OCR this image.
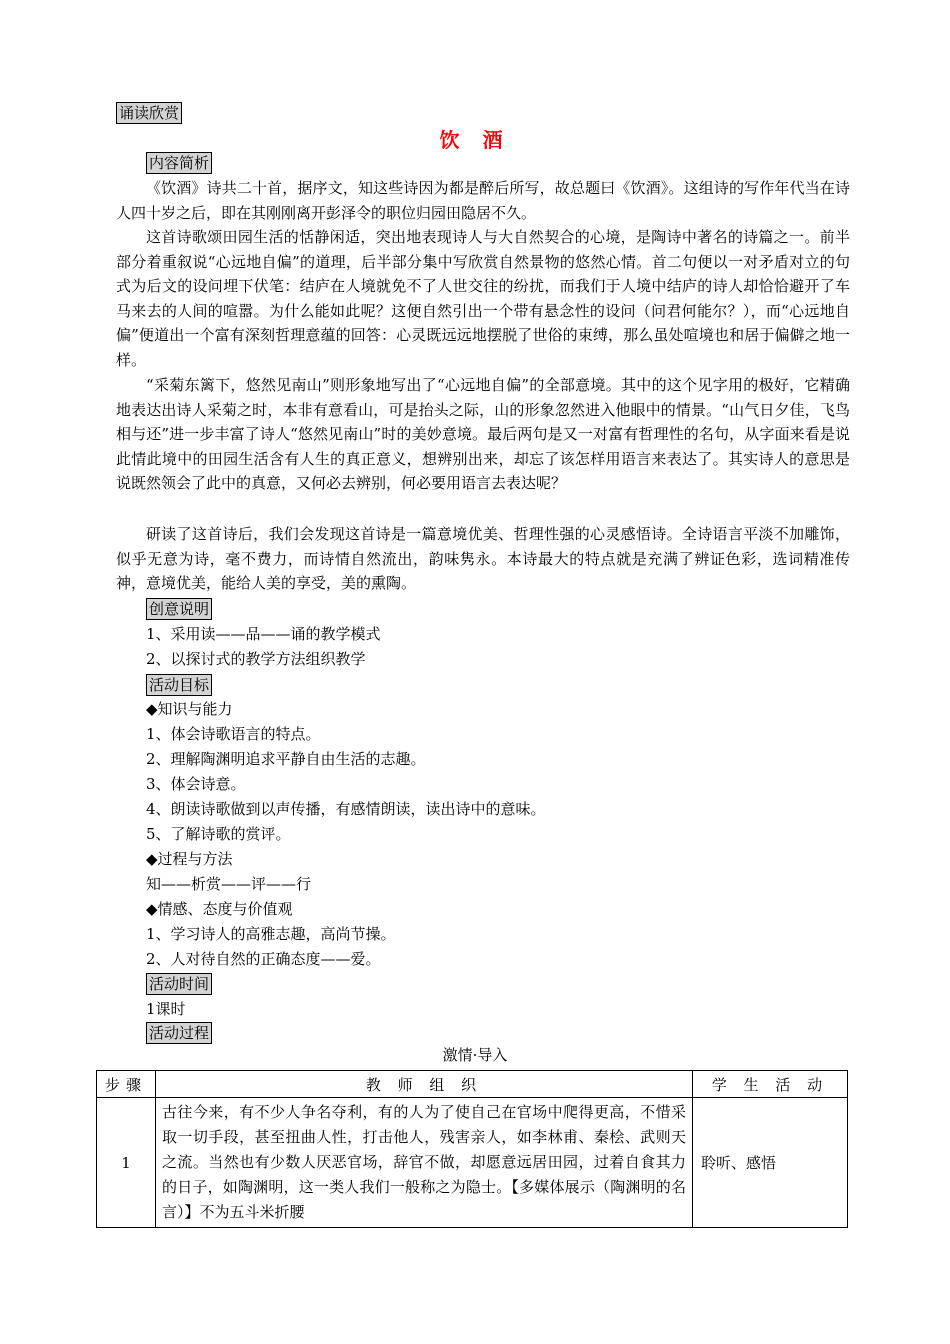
诵读欣赏
饮 酒
内容简析
《饮酒》诗共二十首，据序文，知这些诗因为都是醉后所写，故总题曰《饮酒》。这组诗的写作年代当在诗人四十岁之后，即在其刚刚离开彭泽令的职位归园田隐居不久。
这首诗歌颂田园生活的恬静闲适，突出地表现诗人与大自然契合的心境，是陶诗中著名的诗篇之一。前半部分着重叙说“心远地自偏”的道理，后半部分集中写欣赏自然景物的悠然心情。首二句便以一对矛盾对立的句式为后文的设问埋下伏笔：结庐在人境就免不了人世交往的纷扰，而我们于人境中结庐的诗人却恰恰避开了车马来去的人间的喧嚣。为什么能如此呢？这便自然引出一个带有悬念性的设问（问君何能尔？），而“心远地自偏”便道出一个富有深刻哲理意蕴的回答：心灵既远远地摆脱了世俗的束缚，那么虽处喧境也和居于偏僻之地一样。
“采菊东篱下，悠然见南山”则形象地写出了“心远地自偏”的全部意境。其中的这个见字用的极好，它精确地表达出诗人采菊之时，本非有意看山，可是抬头之际，山的形象忽然进入他眼中的情景。“山气日夕佳，飞鸟相与还”进一步丰富了诗人“悠然见南山”时的美妙意境。最后两句是又一对富有哲理性的名句，从字面来看是说此情此境中的田园生活含有人生的真正意义，想辨别出来，却忘了该怎样用语言来表达了。其实诗人的意思是说既然领会了此中的真意，又何必去辨别，何必要用语言去表达呢？
研读了这首诗后，我们会发现这首诗是一篇意境优美、哲理性强的心灵感悟诗。全诗语言平淡不加雕饰，似乎无意为诗，毫不费力，而诗情自然流出，韵味隽永。本诗最大的特点就是充满了辨证色彩，选词精准传神，意境优美，能给人美的享受，美的熏陶。
创意说明
1、采用读——品——诵的教学模式
2、以探讨式的教学方法组织教学
活动目标
◆知识与能力
1、体会诗歌语言的特点。
2、理解陶渊明追求平静自由生活的志趣。
3、体会诗意。
4、朗读诗歌做到以声传播，有感情朗读，读出诗中的意味。
5、了解诗歌的赏评。
◆过程与方法
知——析赏——评——行
◆情感、态度与价值观
1、学习诗人的高雅志趣，高尚节操。
2、人对待自然的正确态度——爱。
活动时间
1课时
活动过程
激情·导入
步骤	教 师 组 织	学 生 活 动
1	古往今来，有不少人争名夺利，有的人为了使自己在官场中爬得更高，不惜采取一切手段，甚至扭曲人性，打击他人，残害亲人，如李林甫、秦桧、武则天之流。当然也有少数人厌恶官场，辞官不做，却愿意远居田园，过着自食其力的日子，如陶渊明，这一类人我们一般称之为隐士。【多媒体展示（陶渊明的名言）】不为五斗米折腰	聆听、感悟
